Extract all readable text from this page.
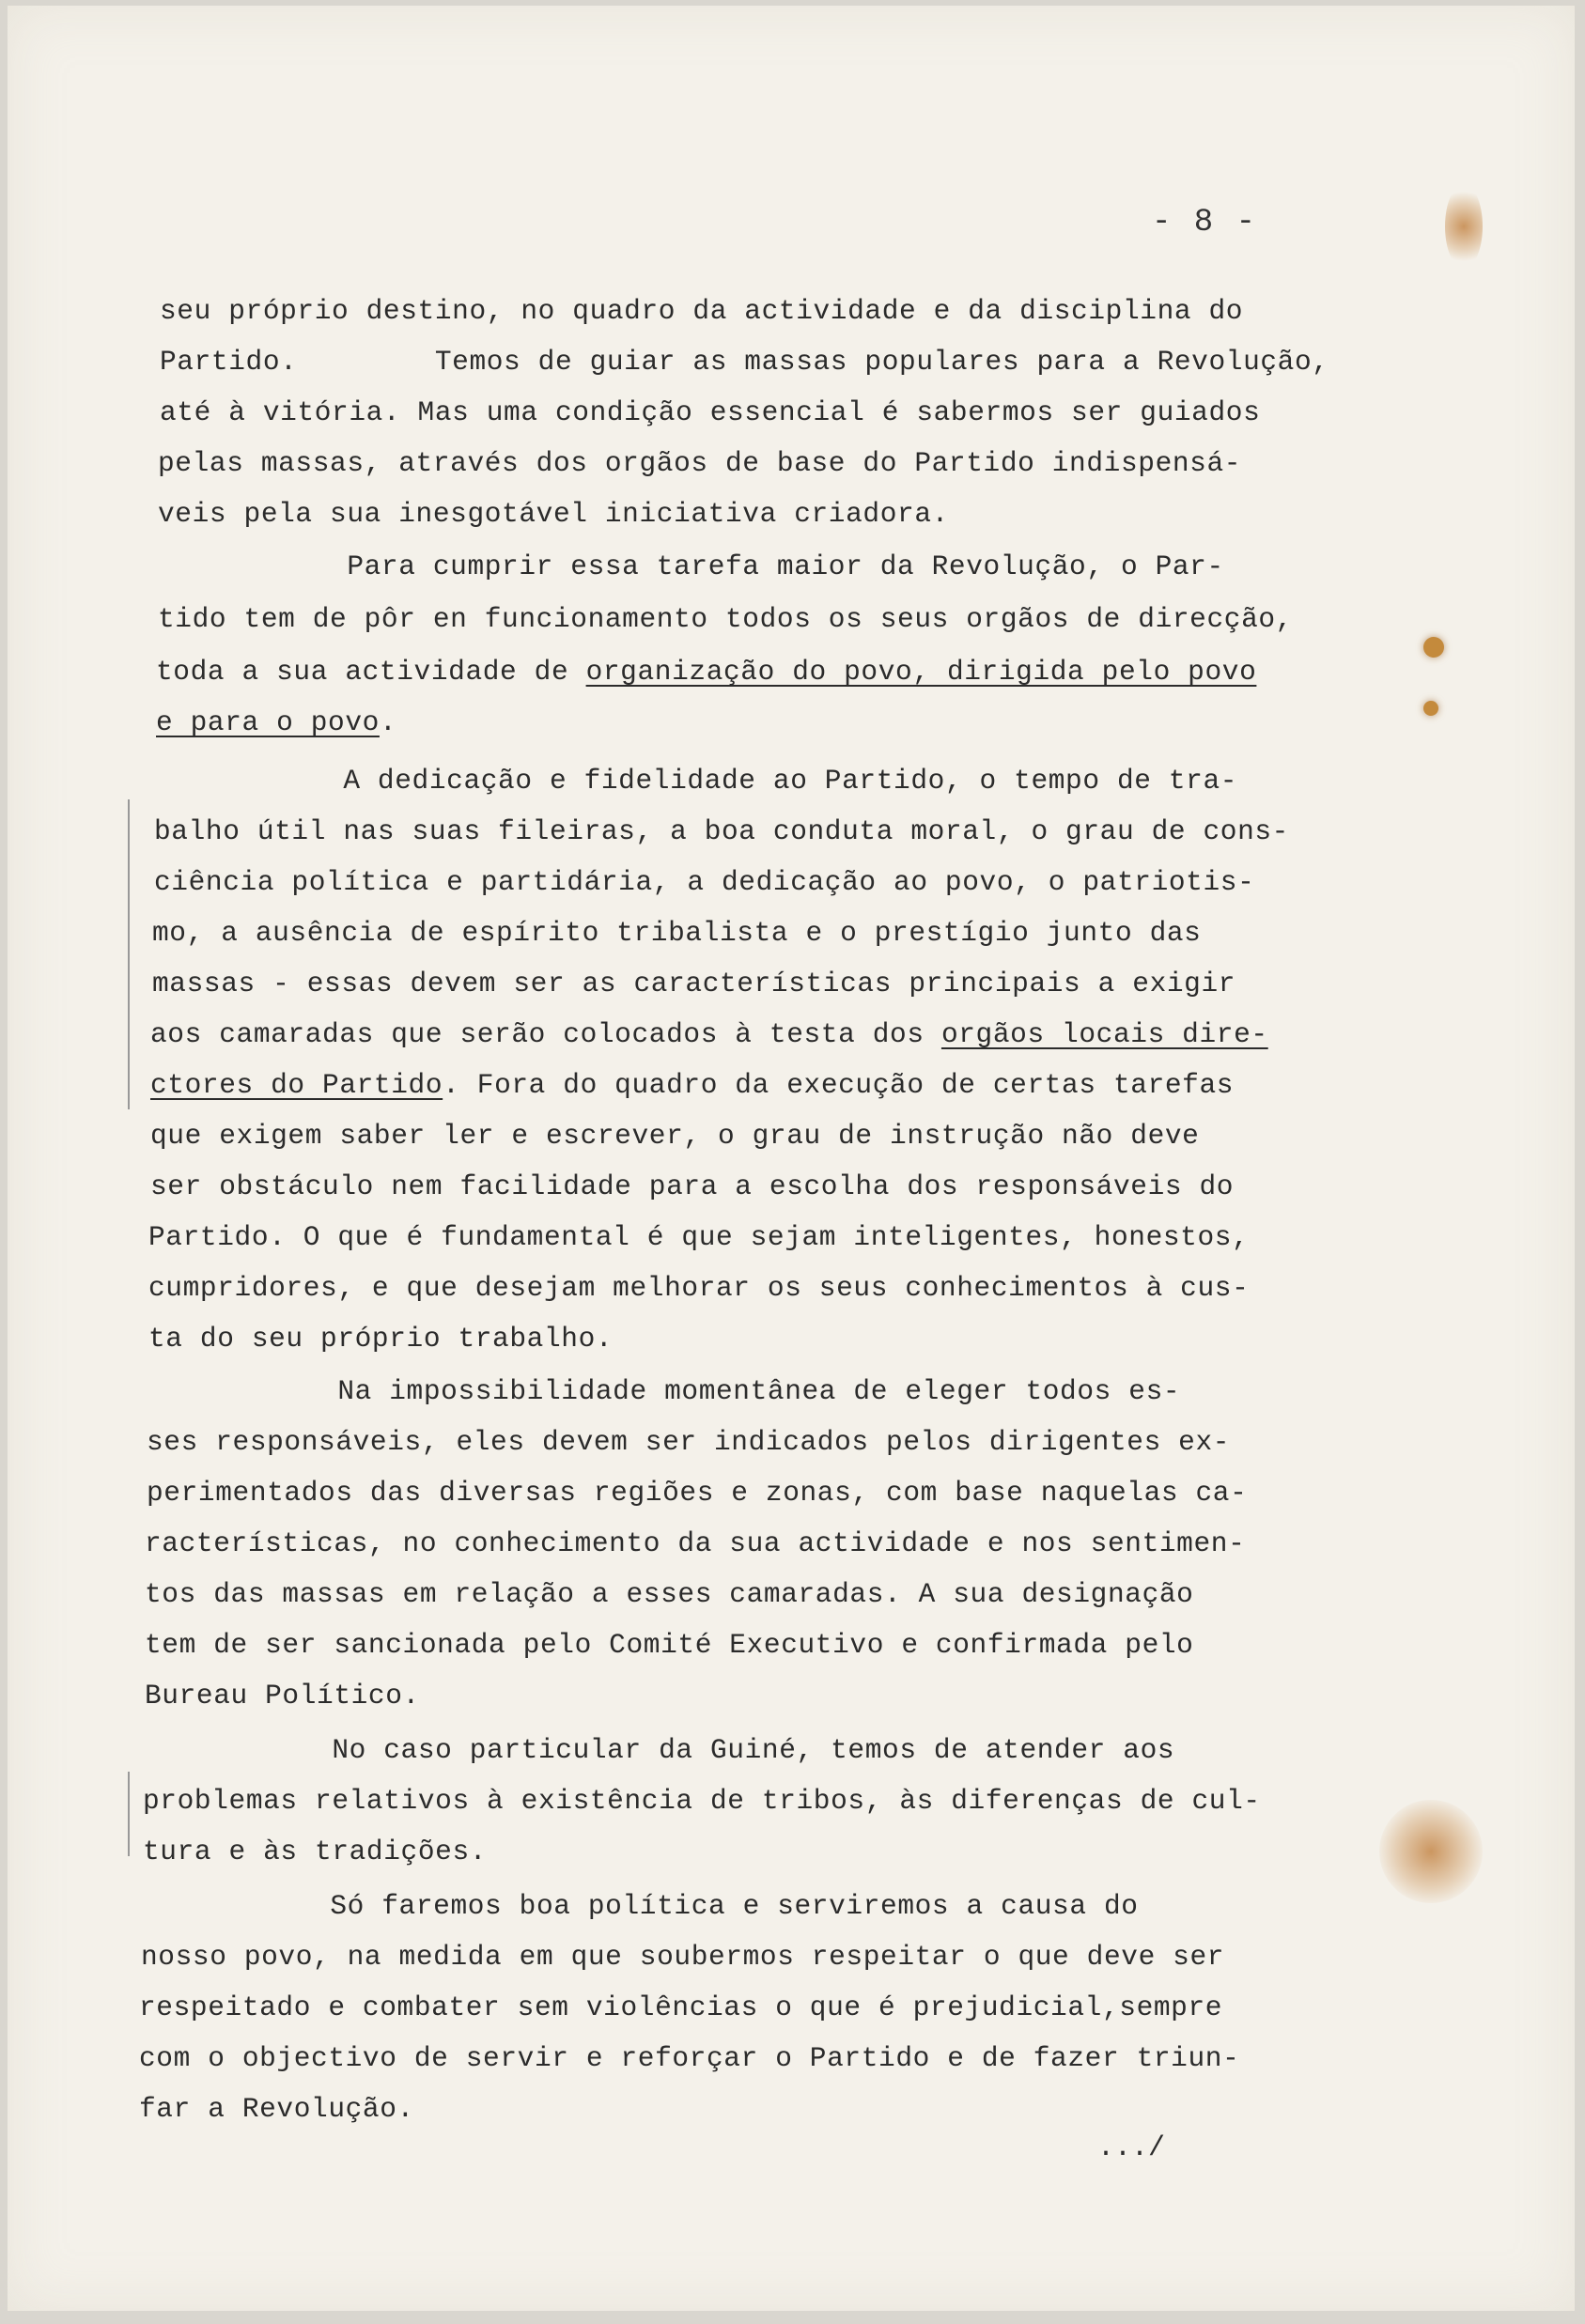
- 8 -
seu próprio destino, no quadro da actividade e da disciplina do
Partido.        Temos de guiar as massas populares para a Revolução,
até à vitória. Mas uma condição essencial é sabermos ser guiados
pelas massas, através dos orgãos de base do Partido indispensá-
veis pela sua inesgotável iniciativa criadora.
Para cumprir essa tarefa maior da Revolução, o Par-
tido tem de pôr en funcionamento todos os seus orgãos de direcção,
toda a sua actividade de organização do povo, dirigida pelo povo
e para o povo.
A dedicação e fidelidade ao Partido, o tempo de tra-
balho útil nas suas fileiras, a boa conduta moral, o grau de cons-
ciência política e partidária, a dedicação ao povo, o patriotis-
mo, a ausência de espírito tribalista e o prestígio junto das
massas - essas devem ser as características principais a exigir
aos camaradas que serão colocados à testa dos orgãos locais dire-
ctores do Partido. Fora do quadro da execução de certas tarefas
que exigem saber ler e escrever, o grau de instrução não deve
ser obstáculo nem facilidade para a escolha dos responsáveis do
Partido. O que é fundamental é que sejam inteligentes, honestos,
cumpridores, e que desejam melhorar os seus conhecimentos à cus-
ta do seu próprio trabalho.
Na impossibilidade momentânea de eleger todos es-
ses responsáveis, eles devem ser indicados pelos dirigentes ex-
perimentados das diversas regiões e zonas, com base naquelas ca-
racterísticas, no conhecimento da sua actividade e nos sentimen-
tos das massas em relação a esses camaradas. A sua designação
tem de ser sancionada pelo Comité Executivo e confirmada pelo
Bureau Político.
No caso particular da Guiné, temos de atender aos
problemas relativos à existência de tribos, às diferenças de cul-
tura e às tradições.
Só faremos boa política e serviremos a causa do
nosso povo, na medida em que soubermos respeitar o que deve ser
respeitado e combater sem violências o que é prejudicial,sempre
com o objectivo de servir e reforçar o Partido e de fazer triun-
far a Revolução.
.../
